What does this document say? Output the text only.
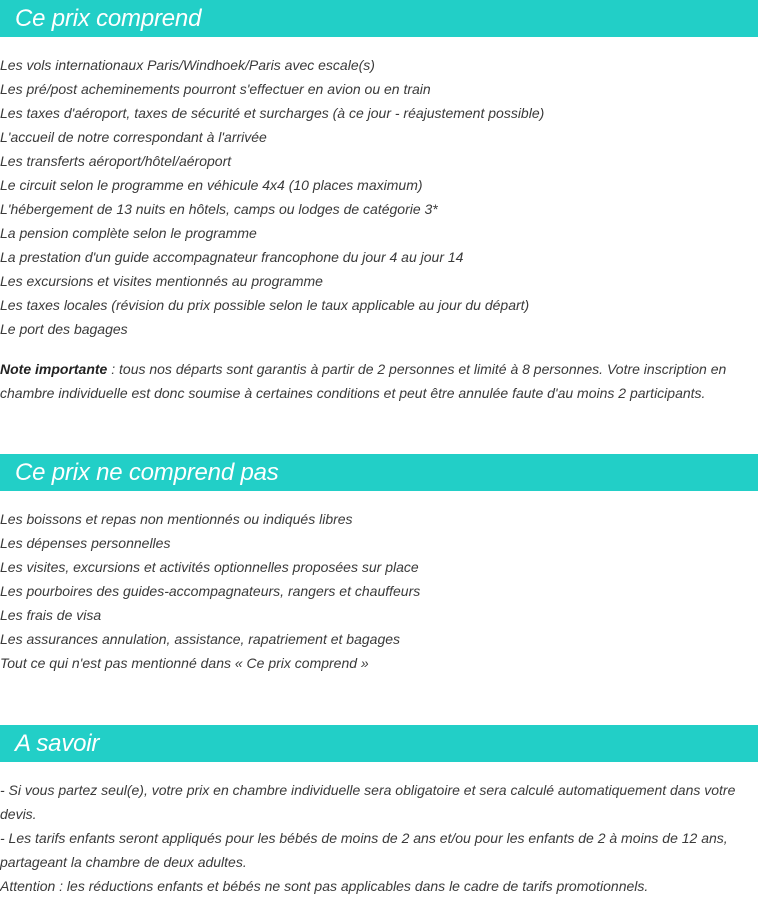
Ce prix comprend
Les vols internationaux Paris/Windhoek/Paris avec escale(s)
Les pré/post acheminements pourront s'effectuer en avion ou en train
Les taxes d'aéroport, taxes de sécurité et surcharges (à ce jour - réajustement possible)
L'accueil de notre correspondant à l'arrivée
Les transferts aéroport/hôtel/aéroport
Le circuit selon le programme en véhicule 4x4 (10 places maximum)
L'hébergement de 13 nuits en hôtels, camps ou lodges de catégorie 3*
La pension complète selon le programme
La prestation d'un guide accompagnateur francophone du jour 4 au jour 14
Les excursions et visites mentionnés au programme
Les taxes locales (révision du prix possible selon le taux applicable au jour du départ)
Le port des bagages

Note importante : tous nos départs sont garantis à partir de 2 personnes et limité à 8 personnes. Votre inscription en chambre individuelle est donc soumise à certaines conditions et peut être annulée faute d'au moins 2 participants.

Ce prix ne comprend pas
Les boissons et repas non mentionnés ou indiqués libres
Les dépenses personnelles
Les visites, excursions et activités optionnelles proposées sur place
Les pourboires des guides-accompagnateurs, rangers et chauffeurs
Les frais de visa
Les assurances annulation, assistance, rapatriement et bagages
Tout ce qui n'est pas mentionné dans « Ce prix comprend »
A savoir

- Si vous partez seul(e), votre prix en chambre individuelle sera obligatoire et sera calculé automatiquement dans votre devis.

- Les tarifs enfants seront appliqués pour les bébés de moins de 2 ans et/ou pour les enfants de 2 à moins de 12 ans, partageant la chambre de deux adultes.

Attention : les réductions enfants et bébés ne sont pas applicables dans le cadre de tarifs promotionnels.
